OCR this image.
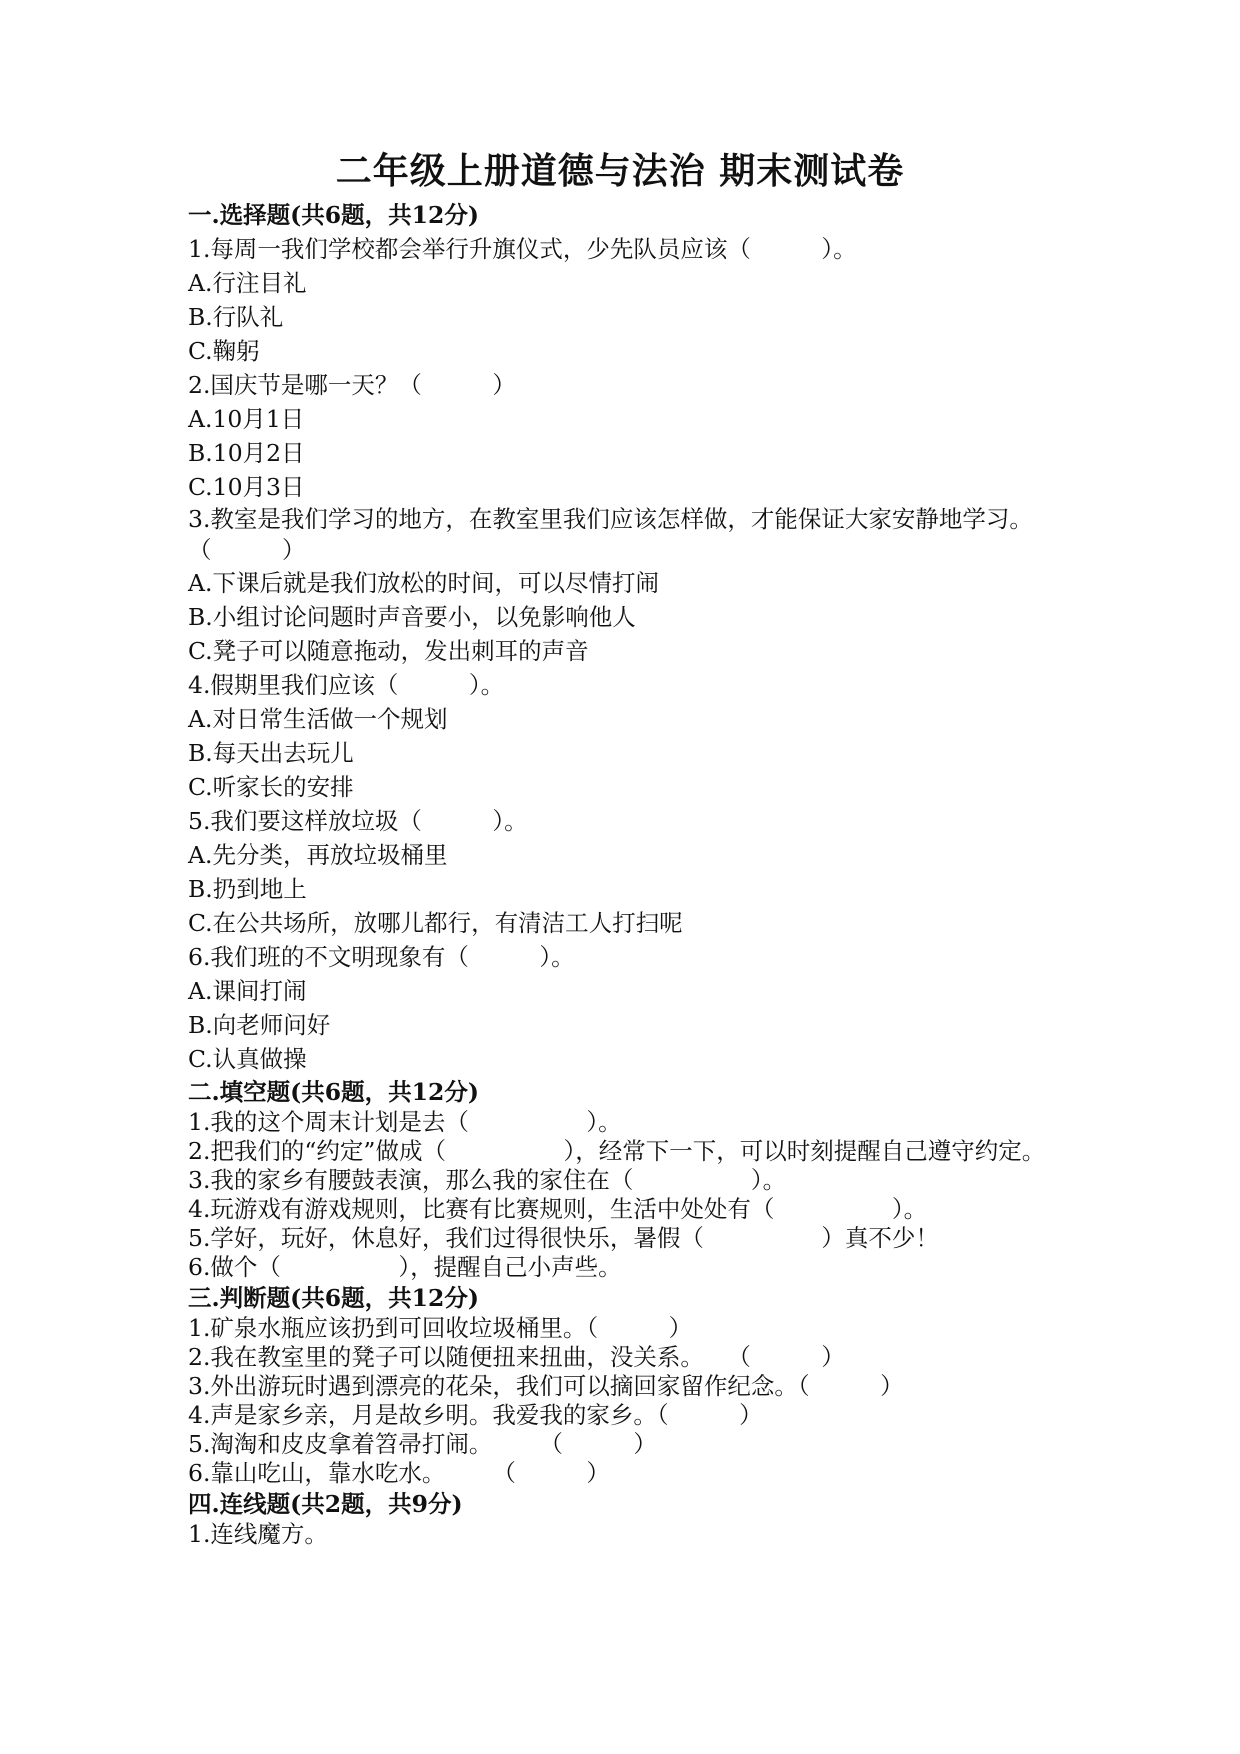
二年级上册道德与法治 期末测试卷
一.选择题(共6题，共12分)
1.每周一我们学校都会举行升旗仪式，少先队员应该（　　　）。
A.行注目礼
B.行队礼
C.鞠躬
2.国庆节是哪一天？（　　　）
A.10月1日
B.10月2日
C.10月3日
3.教室是我们学习的地方，在教室里我们应该怎样做，才能保证大家安静地学习。（　　　）
A.下课后就是我们放松的时间，可以尽情打闹
B.小组讨论问题时声音要小，以免影响他人
C.凳子可以随意拖动，发出刺耳的声音
4.假期里我们应该（　　　）。
A.对日常生活做一个规划
B.每天出去玩儿
C.听家长的安排
5.我们要这样放垃圾（　　　）。
A.先分类，再放垃圾桶里
B.扔到地上
C.在公共场所，放哪儿都行，有清洁工人打扫呢
6.我们班的不文明现象有（　　　）。
A.课间打闹
B.向老师问好
C.认真做操
二.填空题(共6题，共12分)
1.我的这个周末计划是去（　　　　　）。
2.把我们的“约定”做成（　　　　　），经常下一下，可以时刻提醒自己遵守约定。
3.我的家乡有腰鼓表演，那么我的家住在（　　　　　）。
4.玩游戏有游戏规则，比赛有比赛规则，生活中处处有（　　　　　）。
5.学好，玩好，休息好，我们过得很快乐，暑假（　　　　　）真不少！
6.做个（　　　　　），提醒自己小声些。
三.判断题(共6题，共12分)
1.矿泉水瓶应该扔到可回收垃圾桶里。（　　　）
2.我在教室里的凳子可以随便扭来扭曲，没关系。　　（　　　）
3.外出游玩时遇到漂亮的花朵，我们可以摘回家留作纪念。（　　　）
4.声是家乡亲，月是故乡明。我爱我的家乡。（　　　）
5.淘淘和皮皮拿着笤帚打闹。　　　（　　　）
6.靠山吃山，靠水吃水。　　　（　　　）
四.连线题(共2题，共9分)
1.连线魔方。
